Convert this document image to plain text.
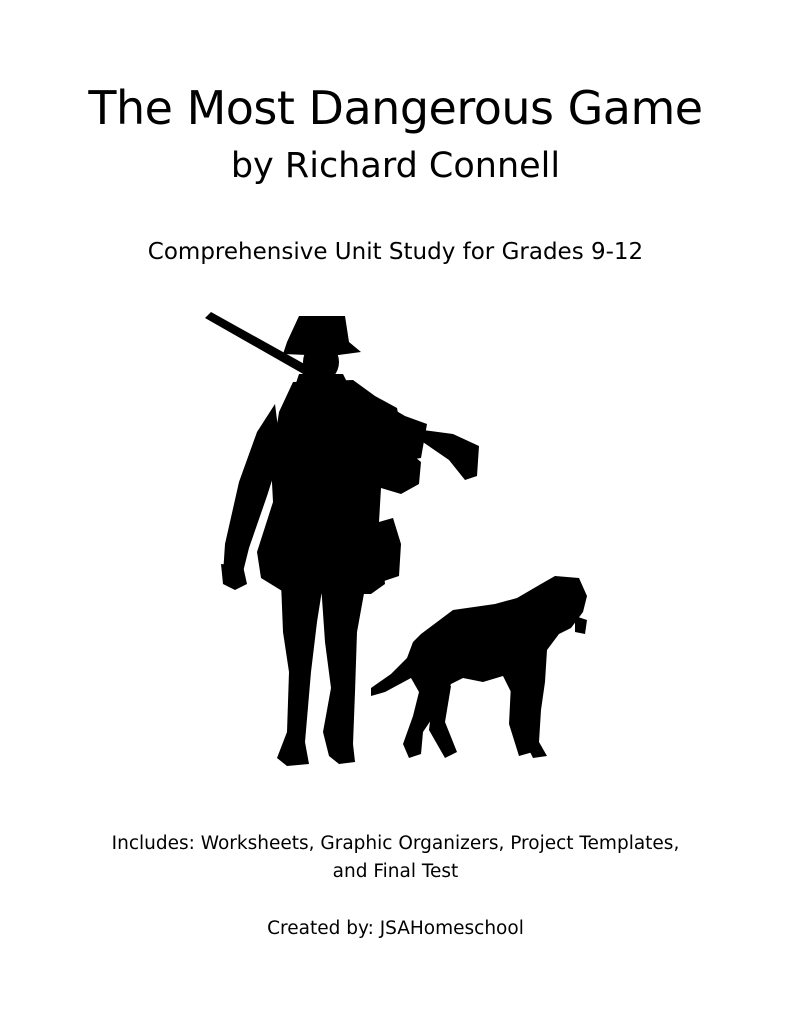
The Most Dangerous Game
by Richard Connell
Comprehensive Unit Study for Grades 9-12
Includes: Worksheets, Graphic Organizers, Project Templates,
and Final Test
Created by: JSAHomeschool
